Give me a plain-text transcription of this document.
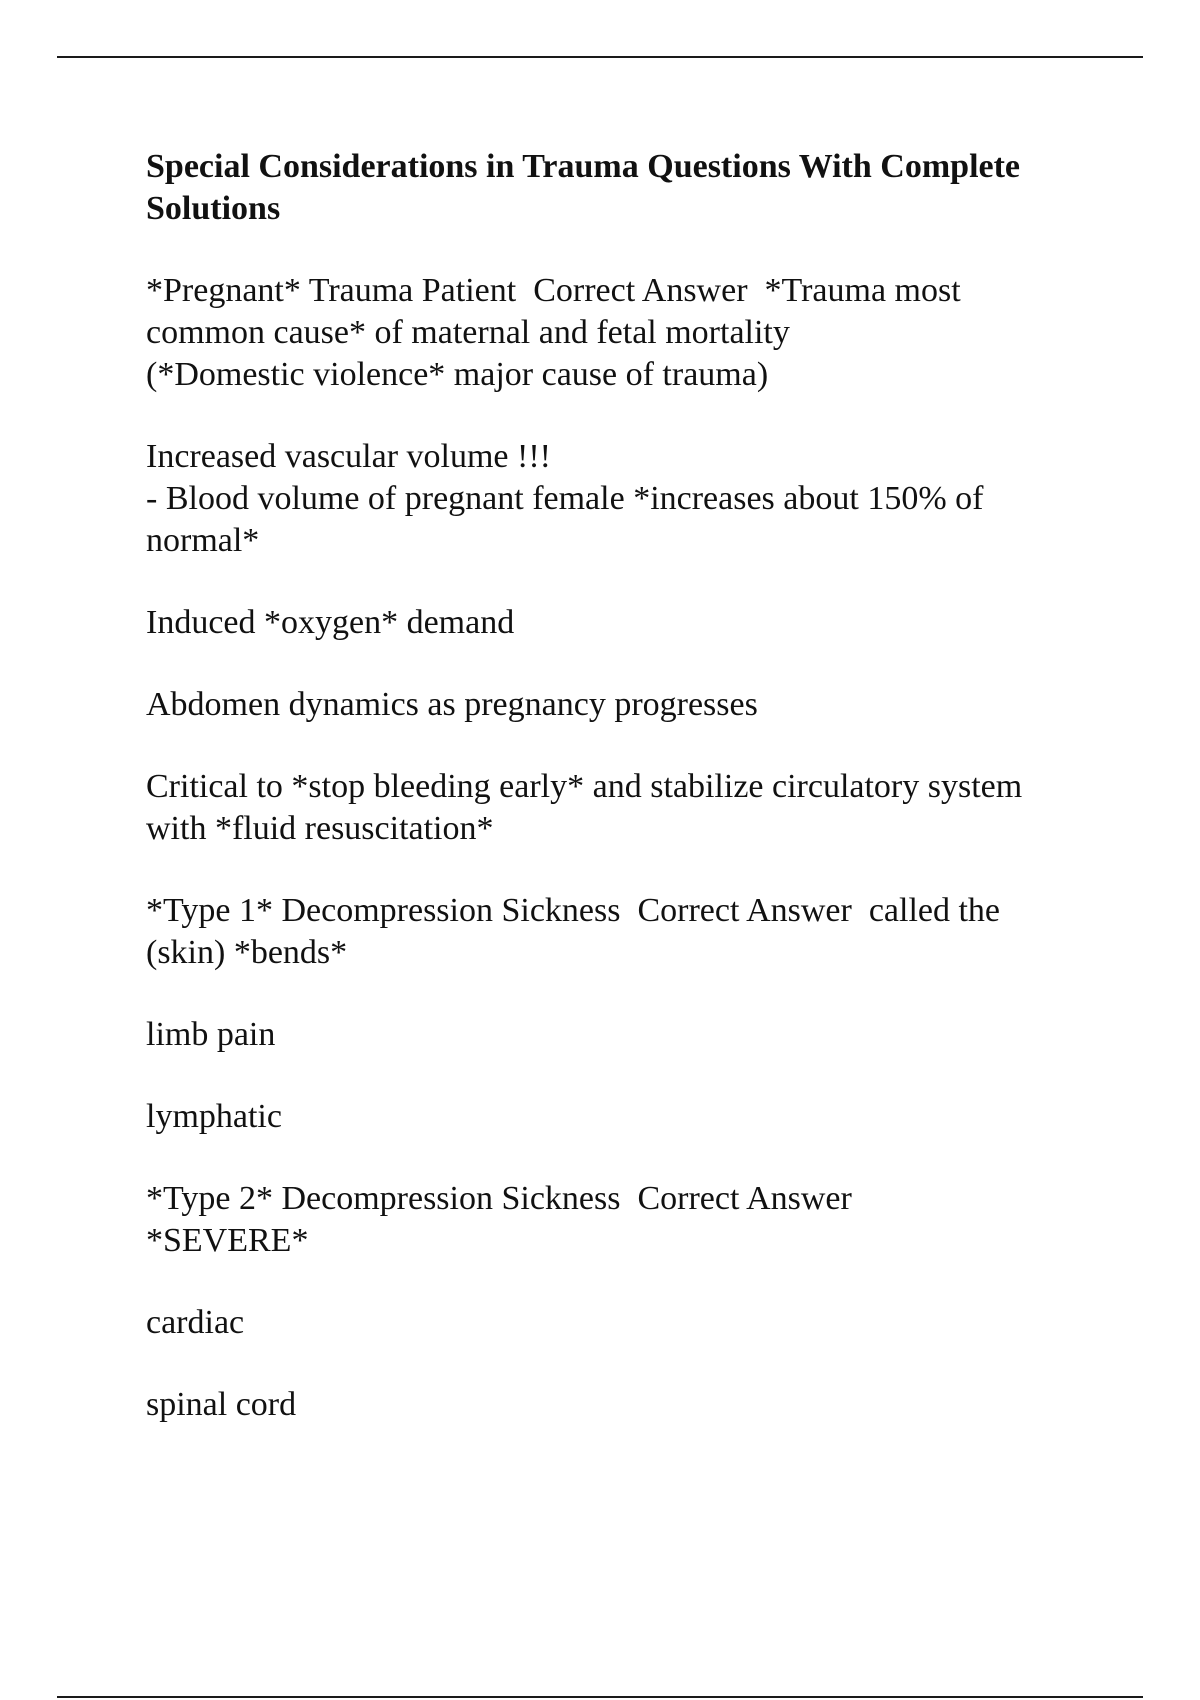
Special Considerations in Trauma Questions With Complete Solutions
*Pregnant* Trauma Patient  Correct Answer  *Trauma most
common cause* of maternal and fetal mortality
(*Domestic violence* major cause of trauma)
Increased vascular volume !!!
- Blood volume of pregnant female *increases about 150% of
normal*
Induced *oxygen* demand
Abdomen dynamics as pregnancy progresses
Critical to *stop bleeding early* and stabilize circulatory system
with *fluid resuscitation*
*Type 1* Decompression Sickness  Correct Answer  called the
(skin) *bends*
limb pain
lymphatic
*Type 2* Decompression Sickness  Correct Answer
*SEVERE*
cardiac
spinal cord
